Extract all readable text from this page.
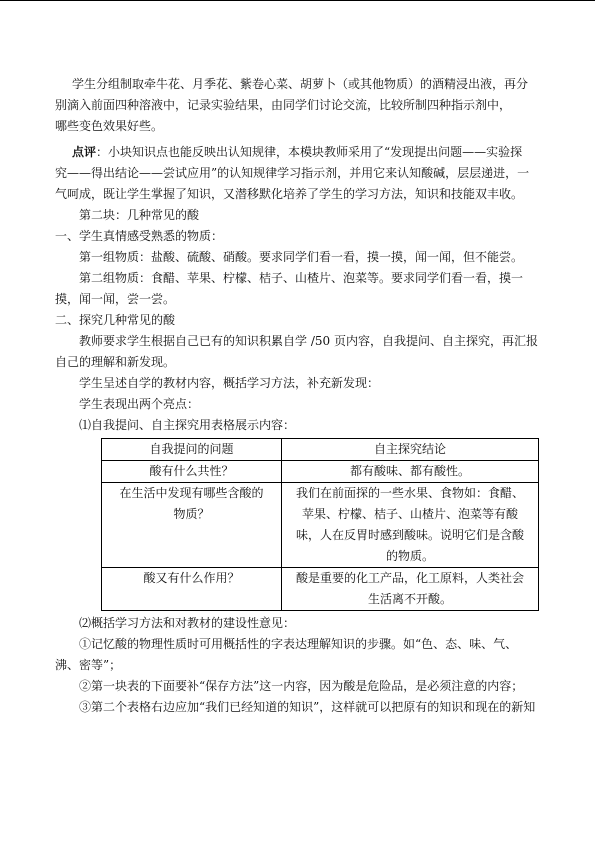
学生分组制取牵牛花、月季花、紫卷心菜、胡萝卜（或其他物质）的酒精浸出液，再分

别滴入前面四种溶液中，记录实验结果，由同学们讨论交流，比较所制四种指示剂中，

哪些变色效果好些。

点评：小块知识点也能反映出认知规律，本模块教师采用了“发现提出问题——实验探

究——得出结论——尝试应用”的认知规律学习指示剂，并用它来认知酸碱，层层递进，一

气呵成，既让学生掌握了知识，又潜移默化培养了学生的学习方法，知识和技能双丰收。

第二块：几种常见的酸

一、学生真情感受熟悉的物质：

第一组物质：盐酸、硫酸、硝酸。要求同学们看一看，摸一摸，闻一闻，但不能尝。

第二组物质：食醋、苹果、柠檬、桔子、山楂片、泡菜等。要求同学们看一看，摸一

摸，闻一闻，尝一尝。

二、探究几种常见的酸

教师要求学生根据自己已有的知识积累自学 /50 页内容，自我提问、自主探究，再汇报

自己的理解和新发现。

学生呈述自学的教材内容，概括学习方法，补充新发现：

学生表现出两个亮点：

⑴自我提问、自主探究用表格展示内容：

自我提问的问题	自主探究结论
酸有什么共性？	都有酸味、都有酸性。
在生活中发现有哪些含酸的物质？	我们在前面探的一些水果、食物如：食醋、苹果、柠檬、桔子、山楂片、泡菜等有酸味，人在反胃时感到酸味。说明它们是含酸的物质。
酸又有什么作用？	酸是重要的化工产品，化工原料，人类社会生活离不开酸。

⑵概括学习方法和对教材的建设性意见：

①记忆酸的物理性质时可用概括性的字表达理解知识的步骤。如“色、态、味、气、

沸、密等”；

②第一块表的下面要补“保存方法”这一内容，因为酸是危险品，是必须注意的内容；

③第二个表格右边应加“我们已经知道的知识”，这样就可以把原有的知识和现在的新知
